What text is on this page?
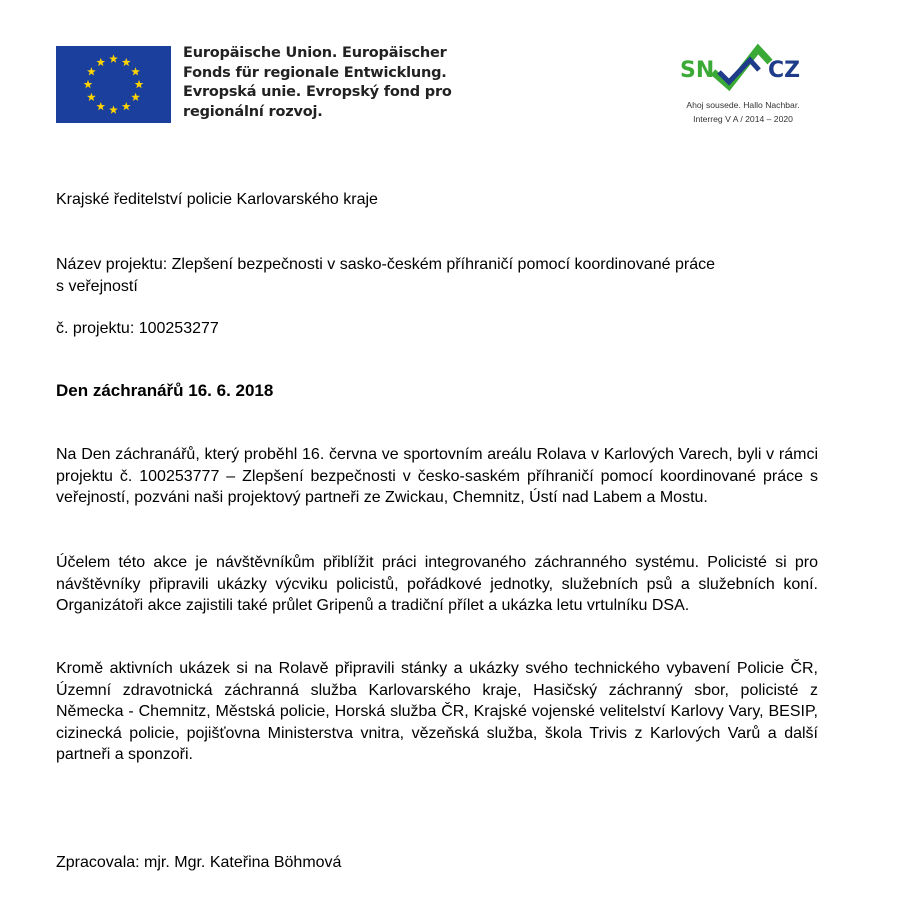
Europäische Union. Europäischer
Fonds für regionale Entwicklung.
Evropská unie. Evropský fond pro
regionální rozvoj.
SN CZ
Ahoj sousede. Hallo Nachbar.
Interreg V A / 2014 – 2020
Krajské ředitelství policie Karlovarského kraje
Název projektu: Zlepšení bezpečnosti v sasko-českém příhraničí pomocí koordinované práce
s veřejností
č. projektu: 100253277
Den záchranářů 16. 6. 2018
Na Den záchranářů, který proběhl 16. června ve sportovním areálu Rolava v Karlových Varech, byli v rámci projektu č. 100253777 – Zlepšení bezpečnosti v česko-saském příhraničí pomocí koordinované práce s veřejností, pozváni naši projektový partneři ze Zwickau, Chemnitz, Ústí nad Labem a Mostu.
Účelem této akce je návštěvníkům přiblížit práci integrovaného záchranného systému. Policisté si pro návštěvníky připravili ukázky výcviku policistů, pořádkové jednotky, služebních psů a služebních koní. Organizátoři akce zajistili také průlet Gripenů a tradiční přílet a ukázka letu vrtulníku DSA.
Kromě aktivních ukázek si na Rolavě připravili stánky a ukázky svého technického vybavení Policie ČR, Územní zdravotnická záchranná služba Karlovarského kraje, Hasičský záchranný sbor, policisté z Německa - Chemnitz, Městská policie, Horská služba ČR, Krajské vojenské velitelství Karlovy Vary, BESIP, cizinecká policie, pojišťovna Ministerstva vnitra, vězeňská služba, škola Trivis z Karlových Varů a další partneři a sponzoři.
Zpracovala: mjr. Mgr. Kateřina Böhmová
